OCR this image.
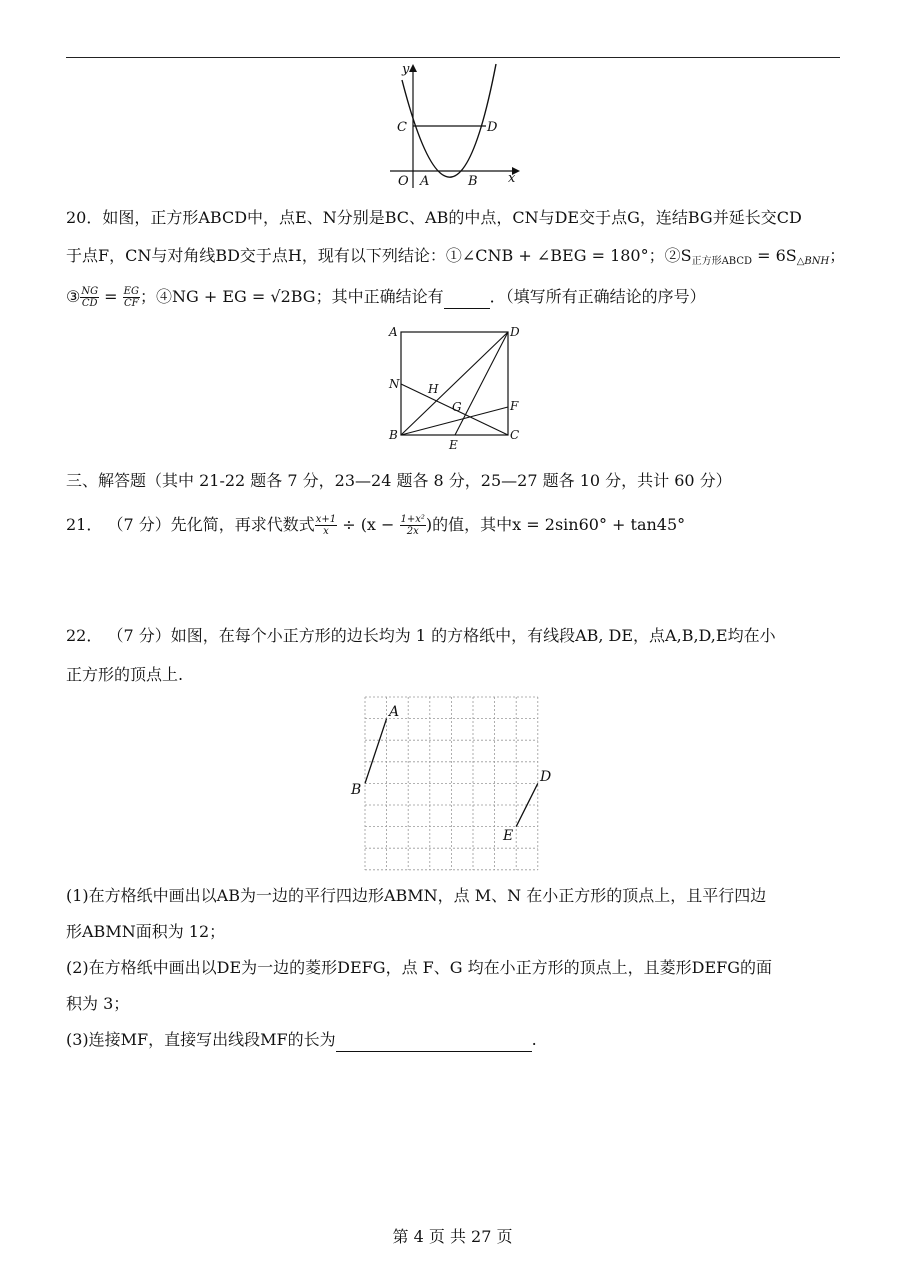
y
x
O A	B
C	D
20．如图，正方形ABCD中，点E、N分别是BC、AB的中点，CN与DE交于点G，连结BG并延长交CD
于点F，CN与对角线BD交于点H，现有以下列结论：①∠CNB + ∠BEG = 180°；$②S_{正方形ABCD}$ = 6S△BNH；
③ $\frac{NG}{CD} = \frac{EG}{CF}$ ；④NG + EG = √2BG；其中正确结论有	．（填写所有正确结论的序号）
A	D
N H
G	F
B	C
E
三、解答题（其中 21-22 题各 7 分，23—24 题各 8 分，25—27 题各 10 分，共计 60 分）
21． （7 分）先化简，再求代数式 $\frac{x+1}{x} \div (x - \frac{\text{1+x²}}{2x}$ )的值，其中x = 2sin60° + tan45°
22． （7 分）如图，在每个小正方形的边长均为 1 的方格纸中，有线段AB, DE，点A,B,D,E均在小
正方形的顶点上.
A
B
D
E
(1)在方格纸中画出以AB为一边的平行四边形ABMN，点 M、N 在小正方形的顶点上，且平行四边
形ABMN面积为 12；
(2)在方格纸中画出以DE为一边的菱形DEFG，点 F、G 均在小正方形的顶点上，且菱形DEFG的面
积为 3；
(3)连接MF，直接写出线段MF的长为	.
第 4 页 共 27 页
